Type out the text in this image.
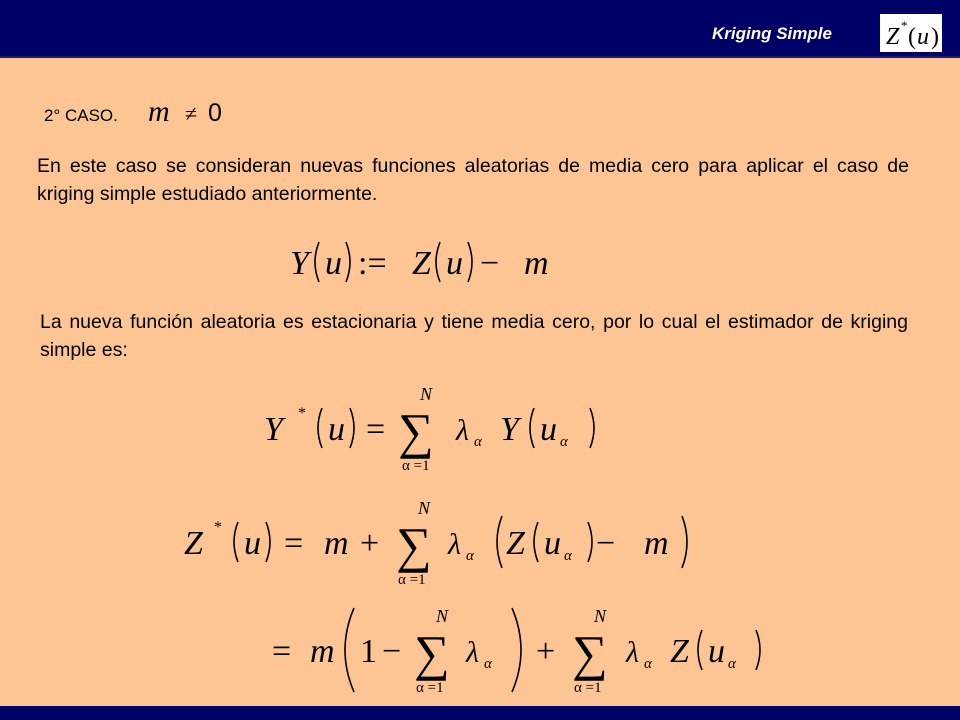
Kriging Simple Z * ( u )
2° CASO. m ≠ 0
En este caso se consideran nuevas funciones aleatorias de media cero para aplicar el caso de kriging simple estudiado anteriormente.
Y u := Z u − m
La nueva función aleatoria es estacionaria y tiene media cero, por lo cual el estimador de kriging simple es:
Y * u =
N
∑
α =1
λ α Y u α
Z * u = m +
N
∑
α =1
λ α Z u α − m
= m 1 −
N
∑
α =1
λ α +
N
∑
α =1
λ α Z u α
